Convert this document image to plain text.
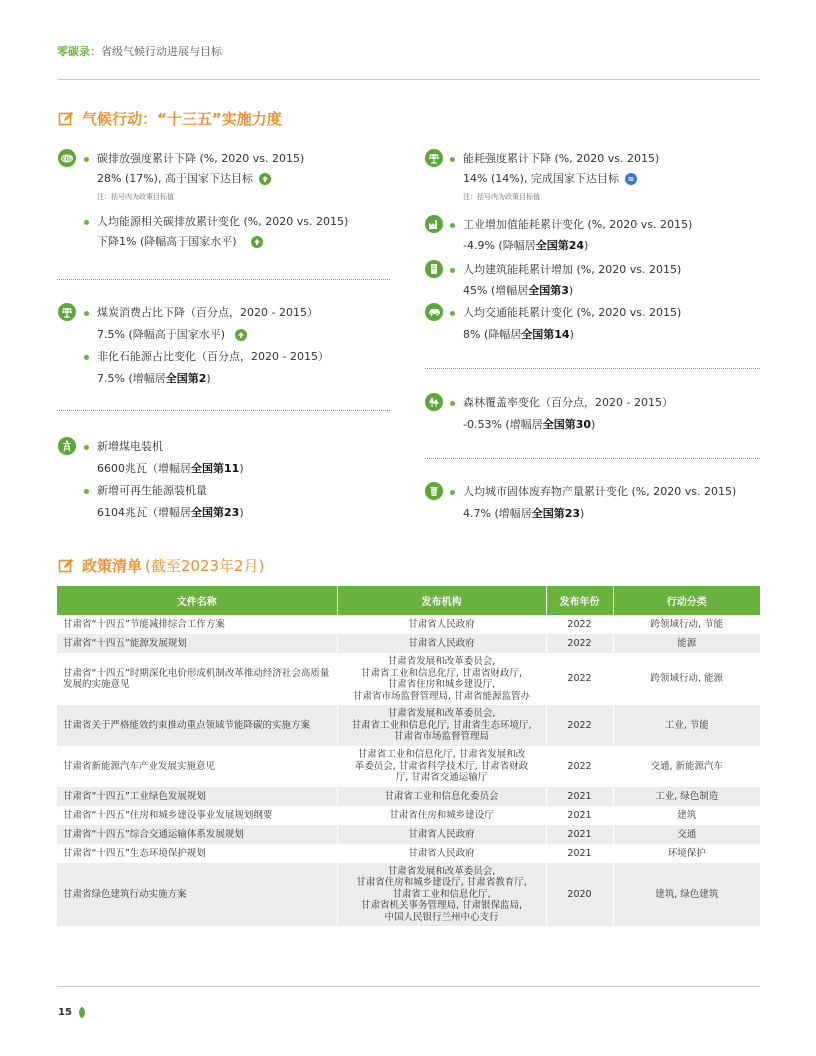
零碳录：省级气候行动进展与目标
气候行动：“十三五”实施力度
CO₂ 碳排放强度累计下降 (%, 2020 vs. 2015)
28% (17%), 高于国家下达目标
注：括号内为政策目标值
人均能源相关碳排放累计变化 (%, 2020 vs. 2015)
下降1% (降幅高于国家水平)
煤炭消费占比下降（百分点，2020 - 2015）
7.5% (降幅高于国家水平)
非化石能源占比变化（百分点，2020 - 2015）
7.5% (增幅居 全国第2 )
新增煤电装机
6600兆瓦（增幅居 全国第11 )
新增可再生能源装机量
6104兆瓦（增幅居 全国第23 )
能耗强度累计下降 (%, 2020 vs. 2015)
14% (14%), 完成国家下达目标
注：括号内为政策目标值
工业增加值能耗累计变化 (%, 2020 vs. 2015)
-4.9% (降幅居 全国第24 )
人均建筑能耗累计增加 (%, 2020 vs. 2015)
45% (增幅居 全国第3 )
人均交通能耗累计变化 (%, 2020 vs. 2015)
8% (降幅居 全国第14 )
森林覆盖率变化（百分点，2020 - 2015）
-0.53% (增幅居 全国第30 )
人均城市固体废弃物产量累计变化 (%, 2020 vs. 2015)
4.7% (增幅居 全国第23 )
政策清单 (截至2023年2月)
文件名称	发布机构	发布年份	行动分类
甘肃省“十四五”节能减排综合工作方案	甘肃省人民政府	2022	跨领域行动, 节能
甘肃省“十四五”能源发展规划	甘肃省人民政府	2022	能源
甘肃省“十四五”时期深化电价形成机制改革推动经济社会高质量发展的实施意见	甘肃省发展和改革委员会,
甘肃省工业和信息化厅, 甘肃省财政厅,
甘肃省住房和城乡建设厅,
甘肃省市场监督管理局, 甘肃省能源监管办	2022	跨领域行动, 能源
甘肃省关于严格能效约束推动重点领域节能降碳的实施方案	甘肃省发展和改革委员会,
甘肃省工业和信息化厅, 甘肃省生态环境厅,
甘肃省市场监督管理局	2022	工业, 节能
甘肃省新能源汽车产业发展实施意见	甘肃省工业和信息化厅, 甘肃省发展和改
革委员会, 甘肃省科学技术厅, 甘肃省财政
厅, 甘肃省交通运输厅	2022	交通, 新能源汽车
甘肃省“十四五”工业绿色发展规划	甘肃省工业和信息化委员会	2021	工业, 绿色制造
甘肃省“十四五”住房和城乡建设事业发展规划纲要	甘肃省住房和城乡建设厅	2021	建筑
甘肃省“十四五”综合交通运输体系发展规划	甘肃省人民政府	2021	交通
甘肃省“十四五”生态环境保护规划	甘肃省人民政府	2021	环境保护
甘肃省绿色建筑行动实施方案	甘肃省发展和改革委员会,
甘肃省住房和城乡建设厅, 甘肃省教育厅,
甘肃省工业和信息化厅,
甘肃省机关事务管理局, 甘肃银保监局,
中国人民银行兰州中心支行	2020	建筑, 绿色建筑
15
